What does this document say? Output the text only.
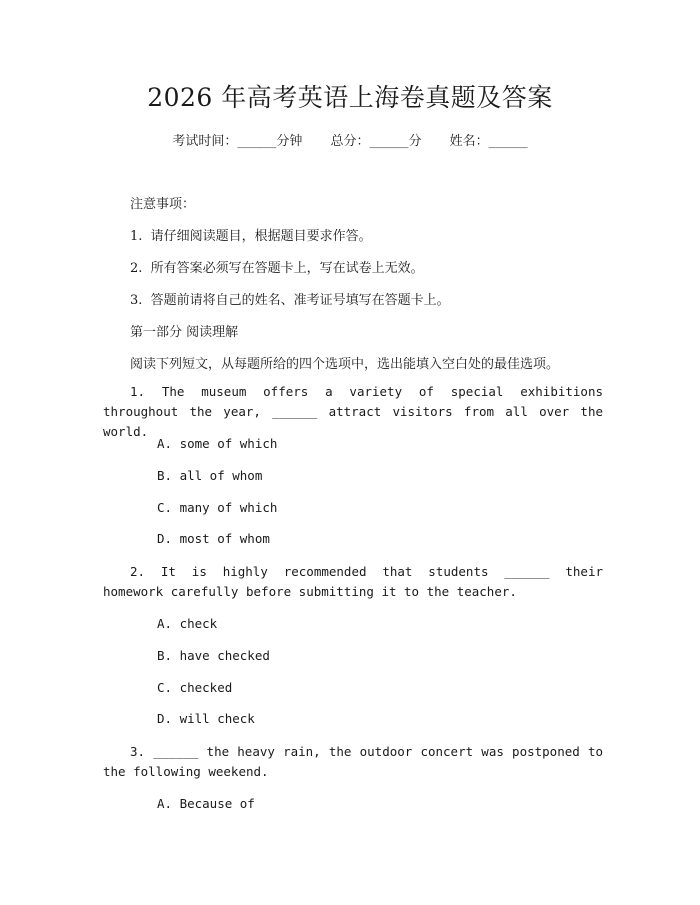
2026 年高考英语上海卷真题及答案
考试时间：______分钟 总分：______分 姓名：______
注意事项：
1.  请仔细阅读题目，根据题目要求作答。
2.  所有答案必须写在答题卡上，写在试卷上无效。
3.  答题前请将自己的姓名、准考证号填写在答题卡上。
第一部分 阅读理解
阅读下列短文，从每题所给的四个选项中，选出能填入空白处的最佳选项。
1. The museum offers a variety of special exhibitions throughout the year, ______ attract visitors from all over the world.
A. some of which
B. all of whom
C. many of which
D. most of whom
2. It is highly recommended that students ______ their homework carefully before submitting it to the teacher.
A. check
B. have checked
C. checked
D. will check
3. ______ the heavy rain, the outdoor concert was postponed to the following weekend.
A. Because of
